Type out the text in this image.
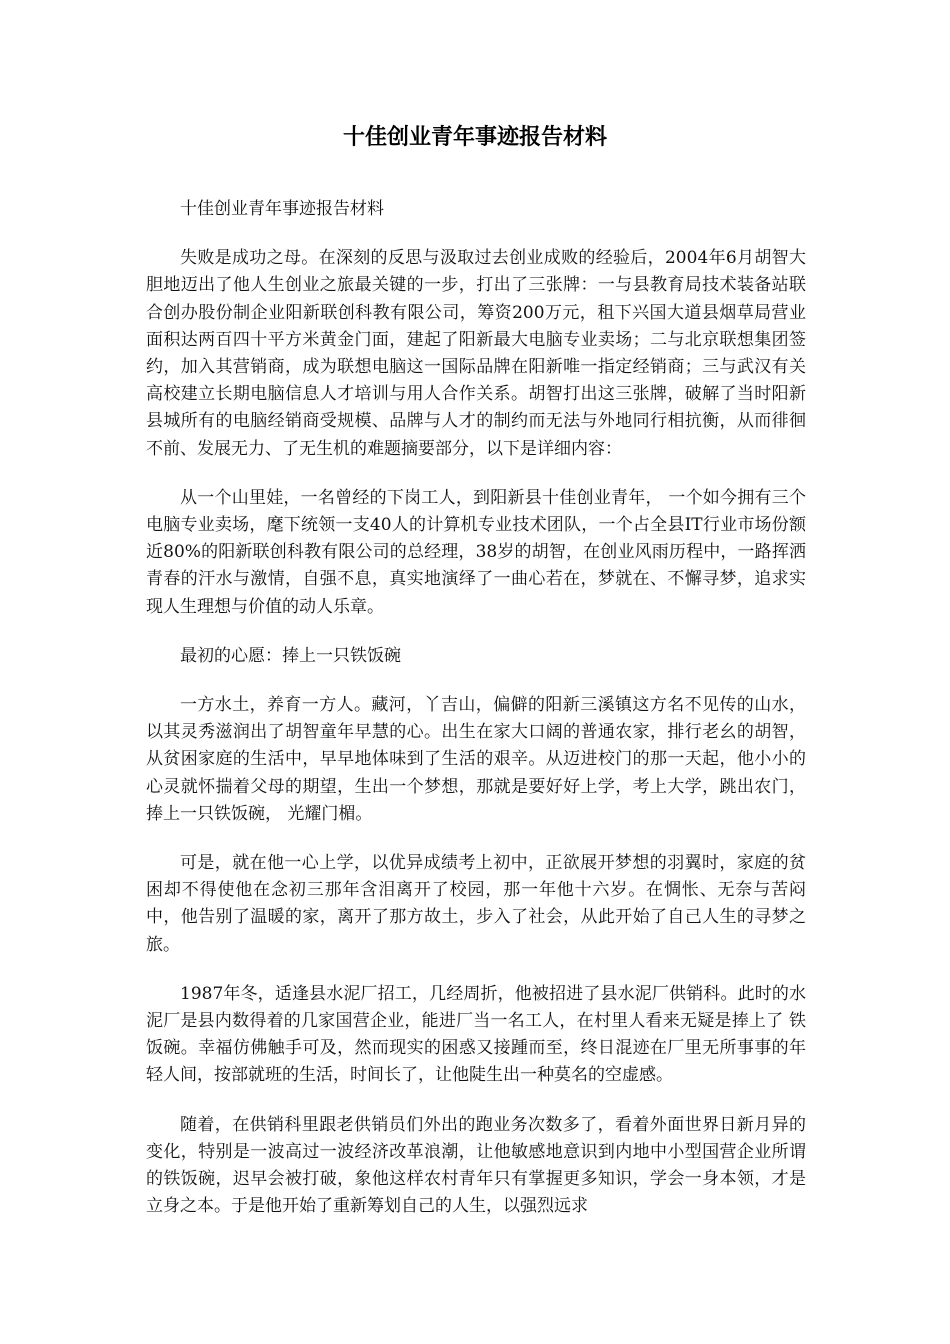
十佳创业青年事迹报告材料

十佳创业青年事迹报告材料

失败是成功之母。在深刻的反思与汲取过去创业成败的经验后，2004年6月胡智大胆地迈出了他人生创业之旅最关键的一步，打出了三张牌：一与县教育局技术装备站联合创办股份制企业阳新联创科教有限公司，筹资200万元，租下兴国大道县烟草局营业面积达两百四十平方米黄金门面，建起了阳新最大电脑专业卖场；二与北京联想集团签约，加入其营销商，成为联想电脑这一国际品牌在阳新唯一指定经销商；三与武汉有关高校建立长期电脑信息人才培训与用人合作关系。胡智打出这三张牌，破解了当时阳新县城所有的电脑经销商受规模、品牌与人才的制约而无法与外地同行相抗衡，从而徘徊不前、发展无力、了无生机的难题摘要部分，以下是详细内容：

从一个山里娃，一名曾经的下岗工人，到阳新县十佳创业青年， 一个如今拥有三个电脑专业卖场，麾下统领一支40人的计算机专业技术团队，一个占全县IT行业市场份额近80%的阳新联创科教有限公司的总经理，38岁的胡智，在创业风雨历程中，一路挥洒青春的汗水与激情，自强不息，真实地演绎了一曲心若在，梦就在、不懈寻梦，追求实现人生理想与价值的动人乐章。

最初的心愿：捧上一只铁饭碗

一方水土，养育一方人。藏河，丫吉山，偏僻的阳新三溪镇这方名不见传的山水，以其灵秀滋润出了胡智童年早慧的心。出生在家大口阔的普通农家，排行老幺的胡智，从贫困家庭的生活中，早早地体味到了生活的艰辛。从迈进校门的那一天起，他小小的心灵就怀揣着父母的期望，生出一个梦想，那就是要好好上学，考上大学，跳出农门，捧上一只铁饭碗， 光耀门楣。

可是，就在他一心上学，以优异成绩考上初中，正欲展开梦想的羽翼时，家庭的贫困却不得使他在念初三那年含泪离开了校园，那一年他十六岁。在惆怅、无奈与苦闷中，他告别了温暖的家，离开了那方故土，步入了社会，从此开始了自己人生的寻梦之旅。

1987年冬，适逢县水泥厂招工，几经周折，他被招进了县水泥厂供销科。此时的水泥厂是县内数得着的几家国营企业，能进厂当一名工人，在村里人看来无疑是捧上了 铁饭碗。幸福仿佛触手可及，然而现实的困惑又接踵而至，终日混迹在厂里无所事事的年轻人间，按部就班的生活，时间长了，让他陡生出一种莫名的空虚感。

随着，在供销科里跟老供销员们外出的跑业务次数多了，看着外面世界日新月异的变化，特别是一波高过一波经济改革浪潮，让他敏感地意识到内地中小型国营企业所谓的铁饭碗，迟早会被打破，象他这样农村青年只有掌握更多知识，学会一身本领，才是立身之本。于是他开始了重新筹划自己的人生，以强烈远求
